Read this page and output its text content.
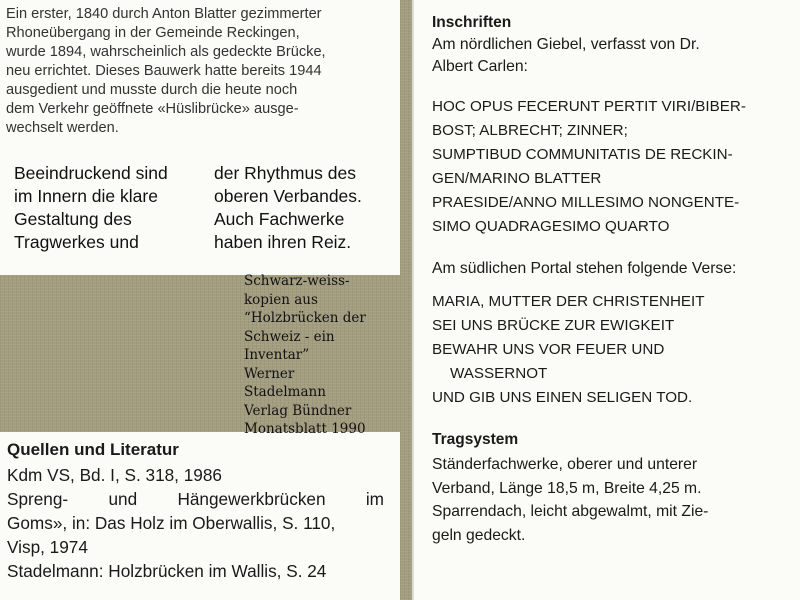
Ein erster, 1840 durch Anton Blatter gezimmerter
Rhoneübergang in der Gemeinde Reckingen,
wurde 1894, wahrscheinlich als gedeckte Brücke,
neu errichtet. Dieses Bauwerk hatte bereits 1944
ausgedient und musste durch die heute noch
dem Verkehr geöffnete «Hüslibrücke» ausge-
wechselt werden.
Beeindruckend sind
im Innern die klare
Gestaltung des
Tragwerkes und
der Rhythmus des
oberen Verbandes.
Auch Fachwerke
haben ihren Reiz.
Inschriften
Am nördlichen Giebel, verfasst von Dr.
Albert Carlen:
HOC OPUS FECERUNT PERTIT VIRI/BIBER-
BOST; ALBRECHT; ZINNER;
SUMPTIBUD COMMUNITATIS DE RECKIN-
GEN/MARINO BLATTER
PRAESIDE/ANNO MILLESIMO NONGENTE-
SIMO QUADRAGESIMO QUARTO
Am südlichen Portal stehen folgende Verse:
MARIA, MUTTER DER CHRISTENHEIT
SEI UNS BRÜCKE ZUR EWIGKEIT
BEWAHR UNS VOR FEUER UND
WASSERNOT
UND GIB UNS EINEN SELIGEN TOD.
Tragsystem
Ständerfachwerke, oberer und unterer
Verband, Länge 18,5 m, Breite 4,25 m.
Sparrendach, leicht abgewalmt, mit Zie-
geln gedeckt.
Quellen und Literatur
Kdm VS, Bd. I, S. 318, 1986
Spreng- und Hängewerkbrücken im
Goms», in: Das Holz im Oberwallis, S. 110,
Visp, 1974
Stadelmann: Holzbrücken im Wallis, S. 24
Schwarz-weiss-
kopien aus
“Holzbrücken der
Schweiz - ein
Inventar”
Werner
Stadelmann
Verlag Bündner
Monatsblatt 1990
